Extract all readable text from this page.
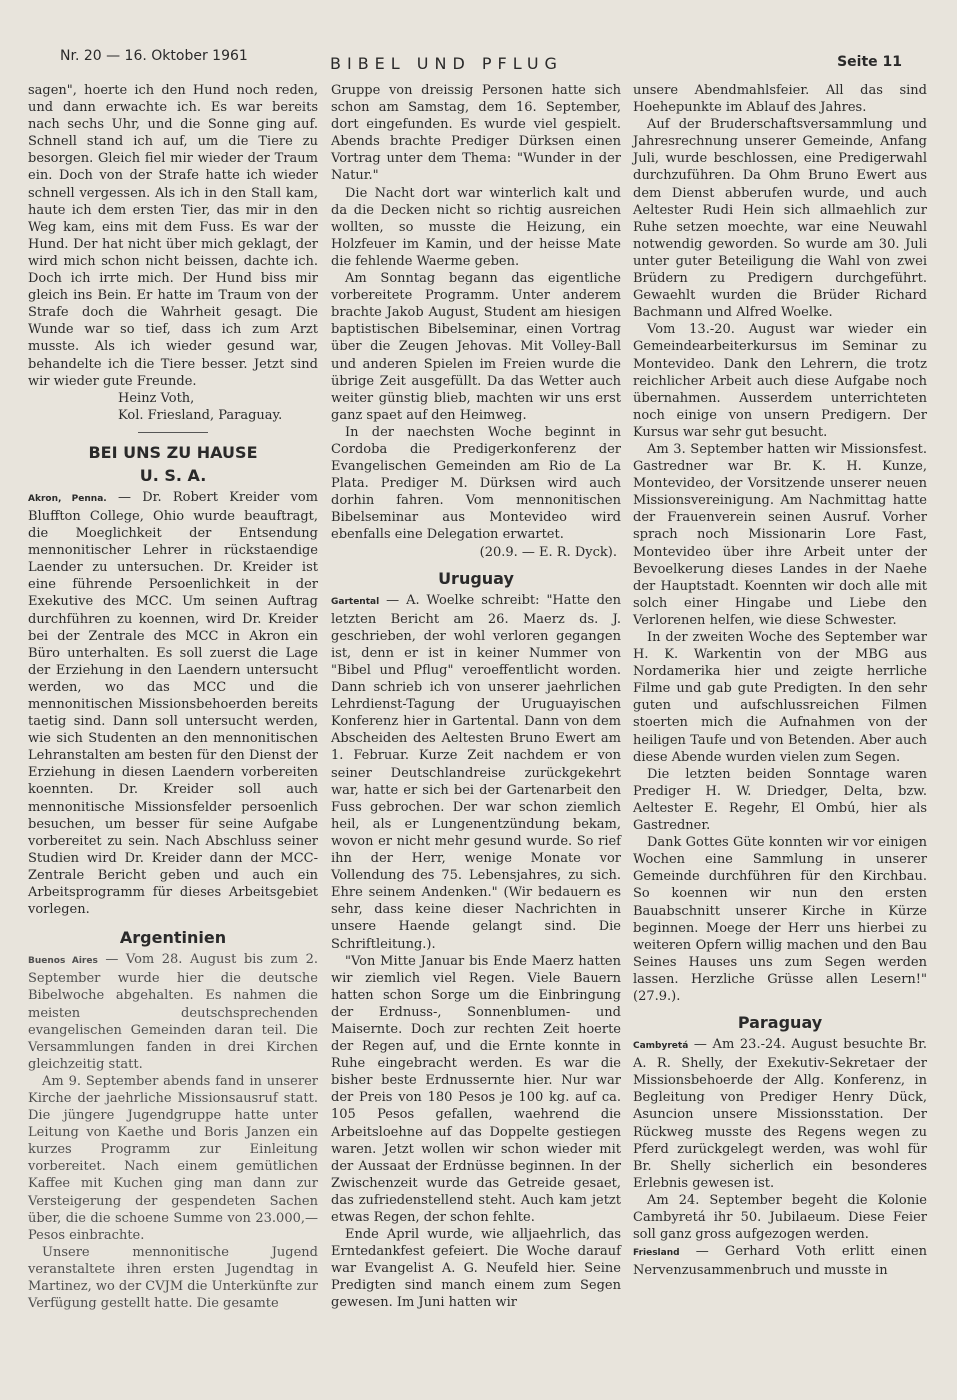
Nr. 20 — 16. Oktober 1961	BIBEL UND PFLUG	Seite 11

sagen", hoerte ich den Hund noch reden, und dann erwachte ich. Es war bereits nach sechs Uhr, und die Sonne ging auf. Schnell stand ich auf, um die Tiere zu besorgen. Gleich fiel mir wieder der Traum ein. Doch von der Strafe hatte ich wieder schnell vergessen. Als ich in den Stall kam, haute ich dem ersten Tier, das mir in den Weg kam, eins mit dem Fuss. Es war der Hund. Der hat nicht über mich geklagt, der wird mich schon nicht beissen, dachte ich. Doch ich irrte mich. Der Hund biss mir gleich ins Bein. Er hatte im Traum von der Strafe doch die Wahrheit gesagt. Die Wunde war so tief, dass ich zum Arzt musste. Als ich wieder gesund war, behandelte ich die Tiere besser. Jetzt sind wir wieder gute Freunde.

Heinz Voth,
Kol. Friesland, Paraguay.
BEI UNS ZU HAUSE
U. S. A.

Akron, Penna. — Dr. Robert Kreider vom Bluffton College, Ohio wurde beauftragt, die Moeglichkeit der Entsendung mennonitischer Lehrer in rückstaendige Laender zu untersuchen. Dr. Kreider ist eine führende Persoenlichkeit in der Exekutive des MCC. Um seinen Auftrag durchführen zu koennen, wird Dr. Kreider bei der Zentrale des MCC in Akron ein Büro unterhalten. Es soll zuerst die Lage der Erziehung in den Laendern untersucht werden, wo das MCC und die mennonitischen Missionsbehoerden bereits taetig sind. Dann soll untersucht werden, wie sich Studenten an den mennonitischen Lehranstalten am besten für den Dienst der Erziehung in diesen Laendern vorbereiten koennten. Dr. Kreider soll auch mennonitische Missionsfelder persoenlich besuchen, um besser für seine Aufgabe vorbereitet zu sein. Nach Abschluss seiner Studien wird Dr. Kreider dann der MCC-Zentrale Bericht geben und auch ein Arbeitsprogramm für dieses Arbeitsgebiet vorlegen.

Argentinien

Buenos Aires — Vom 28. August bis zum 2. September wurde hier die deutsche Bibelwoche abgehalten. Es nahmen die meisten deutschsprechenden evangelischen Gemeinden daran teil. Die Versammlungen fanden in drei Kirchen gleichzeitig statt.

Am 9. September abends fand in unserer Kirche der jaehrliche Missionsausruf statt. Die jüngere Jugendgruppe hatte unter Leitung von Kaethe und Boris Janzen ein kurzes Programm zur Einleitung vorbereitet. Nach einem gemütlichen Kaffee mit Kuchen ging man dann zur Versteigerung der gespendeten Sachen über, die die schoene Summe von 23.000,— Pesos einbrachte.

Unsere mennonitische Jugend veranstaltete ihren ersten Jugendtag in Martinez, wo der CVJM die Unterkünfte zur Verfügung gestellt hatte. Die gesamte

Gruppe von dreissig Personen hatte sich schon am Samstag, dem 16. September, dort eingefunden. Es wurde viel gespielt. Abends brachte Prediger Dürksen einen Vortrag unter dem Thema: "Wunder in der Natur."

Die Nacht dort war winterlich kalt und da die Decken nicht so richtig ausreichen wollten, so musste die Heizung, ein Holzfeuer im Kamin, und der heisse Mate die fehlende Waerme geben.

Am Sonntag begann das eigentliche vorbereitete Programm. Unter anderem brachte Jakob August, Student am hiesigen baptistischen Bibelseminar, einen Vortrag über die Zeugen Jehovas. Mit Volley-Ball und anderen Spielen im Freien wurde die übrige Zeit ausgefüllt. Da das Wetter auch weiter günstig blieb, machten wir uns erst ganz spaet auf den Heimweg.

In der naechsten Woche beginnt in Cordoba die Predigerkonferenz der Evangelischen Gemeinden am Rio de La Plata. Prediger M. Dürksen wird auch dorhin fahren. Vom mennonitischen Bibelseminar aus Montevideo wird ebenfalls eine Delegation erwartet.

(20.9. — E. R. Dyck).

Uruguay

Gartental — A. Woelke schreibt: "Hatte den letzten Bericht am 26. Maerz ds. J. geschrieben, der wohl verloren gegangen ist, denn er ist in keiner Nummer von "Bibel und Pflug" veroeffentlicht worden. Dann schrieb ich von unserer jaehrlichen Lehrdienst-Tagung der Uruguayischen Konferenz hier in Gartental. Dann von dem Abscheiden des Aeltesten Bruno Ewert am 1. Februar. Kurze Zeit nachdem er von seiner Deutschlandreise zurückgekehrt war, hatte er sich bei der Gartenarbeit den Fuss gebrochen. Der war schon ziemlich heil, als er Lungenentzündung bekam, wovon er nicht mehr gesund wurde. So rief ihn der Herr, wenige Monate vor Vollendung des 75. Lebensjahres, zu sich. Ehre seinem Andenken." (Wir bedauern es sehr, dass keine dieser Nachrichten in unsere Haende gelangt sind. Die Schriftleitung.).

"Von Mitte Januar bis Ende Maerz hatten wir ziemlich viel Regen. Viele Bauern hatten schon Sorge um die Einbringung der Erdnuss-, Sonnenblumen- und Maisernte. Doch zur rechten Zeit hoerte der Regen auf, und die Ernte konnte in Ruhe eingebracht werden. Es war die bisher beste Erdnussernte hier. Nur war der Preis von 180 Pesos je 100 kg. auf ca. 105 Pesos gefallen, waehrend die Arbeitsloehne auf das Doppelte gestiegen waren. Jetzt wollen wir schon wieder mit der Aussaat der Erdnüsse beginnen. In der Zwischenzeit wurde das Getreide gesaet, das zufriedenstellend steht. Auch kam jetzt etwas Regen, der schon fehlte.

Ende April wurde, wie alljaehrlich, das Erntedankfest gefeiert. Die Woche darauf war Evangelist A. G. Neufeld hier. Seine Predigten sind manch einem zum Segen gewesen. Im Juni hatten wir

unsere Abendmahlsfeier. All das sind Hoehepunkte im Ablauf des Jahres.

Auf der Bruderschaftsversammlung und Jahresrechnung unserer Gemeinde, Anfang Juli, wurde beschlossen, eine Predigerwahl durchzuführen. Da Ohm Bruno Ewert aus dem Dienst abberufen wurde, und auch Aeltester Rudi Hein sich allmaehlich zur Ruhe setzen moechte, war eine Neuwahl notwendig geworden. So wurde am 30. Juli unter guter Beteiligung die Wahl von zwei Brüdern zu Predigern durchgeführt. Gewaehlt wurden die Brüder Richard Bachmann und Alfred Woelke.

Vom 13.-20. August war wieder ein Gemeindearbeiterkursus im Seminar zu Montevideo. Dank den Lehrern, die trotz reichlicher Arbeit auch diese Aufgabe noch übernahmen. Ausserdem unterrichteten noch einige von unsern Predigern. Der Kursus war sehr gut besucht.

Am 3. September hatten wir Missionsfest. Gastredner war Br. K. H. Kunze, Montevideo, der Vorsitzende unserer neuen Missionsvereinigung. Am Nachmittag hatte der Frauenverein seinen Ausruf. Vorher sprach noch Missionarin Lore Fast, Montevideo über ihre Arbeit unter der Bevoelkerung dieses Landes in der Naehe der Hauptstadt. Koennten wir doch alle mit solch einer Hingabe und Liebe den Verlorenen helfen, wie diese Schwester.

In der zweiten Woche des September war H. K. Warkentin von der MBG aus Nordamerika hier und zeigte herrliche Filme und gab gute Predigten. In den sehr guten und aufschlussreichen Filmen stoerten mich die Aufnahmen von der heiligen Taufe und von Betenden. Aber auch diese Abende wurden vielen zum Segen.

Die letzten beiden Sonntage waren Prediger H. W. Driedger, Delta, bzw. Aeltester E. Regehr, El Ombú, hier als Gastredner.

Dank Gottes Güte konnten wir vor einigen Wochen eine Sammlung in unserer Gemeinde durchführen für den Kirchbau. So koennen wir nun den ersten Bauabschnitt unserer Kirche in Kürze beginnen. Moege der Herr uns hierbei zu weiteren Opfern willig machen und den Bau Seines Hauses uns zum Segen werden lassen. Herzliche Grüsse allen Lesern!" (27.9.).

Paraguay

Cambyretá — Am 23.-24. August besuchte Br. A. R. Shelly, der Exekutiv-Sekretaer der Missionsbehoerde der Allg. Konferenz, in Begleitung von Prediger Henry Dück, Asuncion unsere Missionsstation. Der Rückweg musste des Regens wegen zu Pferd zurückgelegt werden, was wohl für Br. Shelly sicherlich ein besonderes Erlebnis gewesen ist.

Am 24. September begeht die Kolonie Cambyretá ihr 50. Jubilaeum. Diese Feier soll ganz gross aufgezogen werden.

Friesland — Gerhard Voth erlitt einen Nervenzusammenbruch und musste in
